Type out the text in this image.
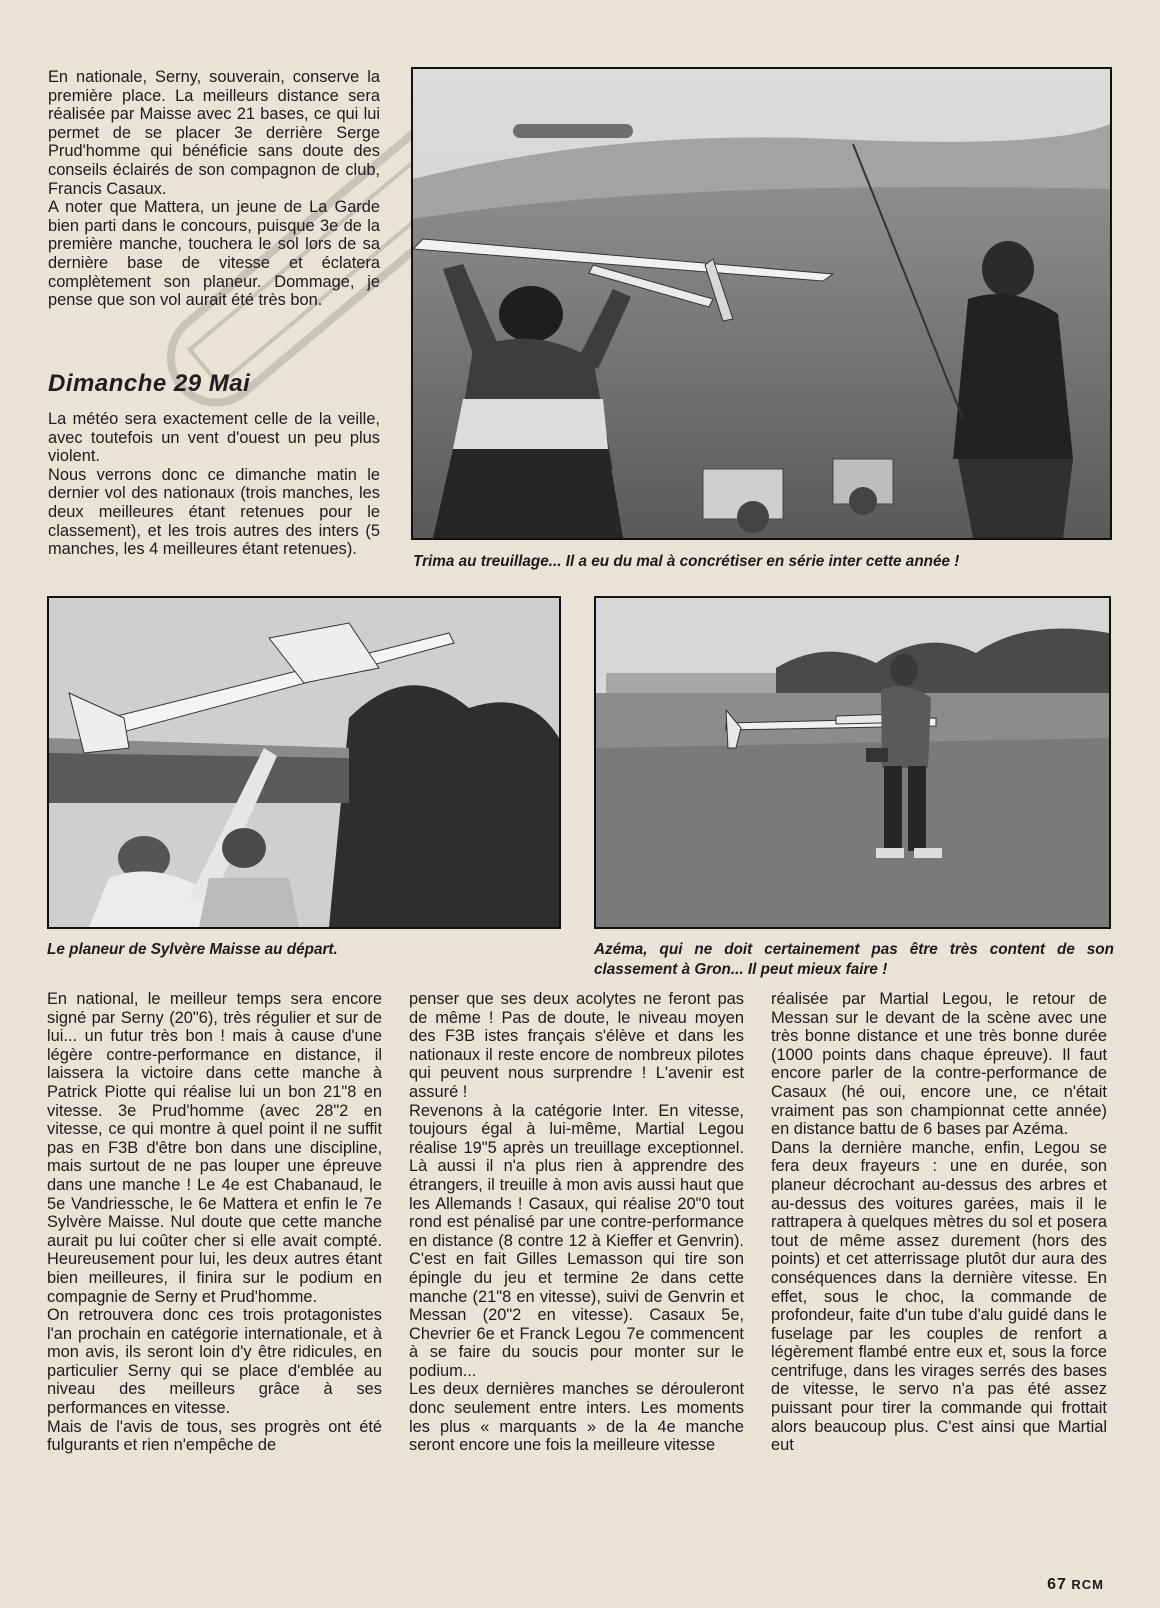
En nationale, Serny, souverain, conserve la première place. La meilleurs distance sera réalisée par Maisse avec 21 bases, ce qui lui permet de se placer 3e derrière Serge Prud'homme qui bénéficie sans doute des conseils éclairés de son compagnon de club, Francis Casaux.

A noter que Mattera, un jeune de La Garde bien parti dans le concours, puisque 3e de la première manche, touchera le sol lors de sa dernière base de vitesse et éclatera complètement son planeur. Dommage, je pense que son vol aurait été très bon.

Dimanche 29 Mai

La météo sera exactement celle de la veille, avec toutefois un vent d'ouest un peu plus violent.

Nous verrons donc ce dimanche matin le dernier vol des nationaux (trois manches, les deux meilleures étant retenues pour le classement), et les trois autres des inters (5 manches, les 4 meilleures étant retenues).

Trima au treuillage... Il a eu du mal à concrétiser en série inter cette année !

Le planeur de Sylvère Maisse au départ.	Azéma, qui ne doit certainement pas être très content de son classement à Gron... Il peut mieux faire !

En national, le meilleur temps sera encore signé par Serny (20"6), très régulier et sur de lui... un futur très bon ! mais à cause d'une légère contre-performance en distance, il laissera la victoire dans cette manche à Patrick Piotte qui réalise lui un bon 21"8 en vitesse. 3e Prud'homme (avec 28"2 en vitesse, ce qui montre à quel point il ne suffit pas en F3B d'être bon dans une discipline, mais surtout de ne pas louper une épreuve dans une manche ! Le 4e est Chabanaud, le 5e Vandriessche, le 6e Mattera et enfin le 7e Sylvère Maisse. Nul doute que cette manche aurait pu lui coûter cher si elle avait compté. Heureusement pour lui, les deux autres étant bien meilleures, il finira sur le podium en compagnie de Serny et Prud'homme.

On retrouvera donc ces trois protagonistes l'an prochain en catégorie internationale, et à mon avis, ils seront loin d'y être ridicules, en particulier Serny qui se place d'emblée au niveau des meilleurs grâce à ses performances en vitesse.

Mais de l'avis de tous, ses progrès ont été fulgurants et rien n'empêche de

penser que ses deux acolytes ne feront pas de même ! Pas de doute, le niveau moyen des F3B istes français s'élève et dans les nationaux il reste encore de nombreux pilotes qui peuvent nous surprendre ! L'avenir est assuré !

Revenons à la catégorie Inter. En vitesse, toujours égal à lui-même, Martial Legou réalise 19"5 après un treuillage exceptionnel. Là aussi il n'a plus rien à apprendre des étrangers, il treuille à mon avis aussi haut que les Allemands ! Casaux, qui réalise 20"0 tout rond est pénalisé par une contre-performance en distance (8 contre 12 à Kieffer et Genvrin). C'est en fait Gilles Lemasson qui tire son épingle du jeu et termine 2e dans cette manche (21"8 en vitesse), suivi de Genvrin et Messan (20"2 en vitesse). Casaux 5e, Chevrier 6e et Franck Legou 7e commencent à se faire du soucis pour monter sur le podium...

Les deux dernières manches se dérouleront donc seulement entre inters. Les moments les plus « marquants » de la 4e manche seront encore une fois la meilleure vitesse

réalisée par Martial Legou, le retour de Messan sur le devant de la scène avec une très bonne distance et une très bonne durée (1000 points dans chaque épreuve). Il faut encore parler de la contre-performance de Casaux (hé oui, encore une, ce n'était vraiment pas son championnat cette année) en distance battu de 6 bases par Azéma.

Dans la dernière manche, enfin, Legou se fera deux frayeurs : une en durée, son planeur décrochant au-dessus des arbres et au-dessus des voitures garées, mais il le rattrapera à quelques mètres du sol et posera tout de même assez durement (hors des points) et cet atterrissage plutôt dur aura des conséquences dans la dernière vitesse. En effet, sous le choc, la commande de profondeur, faite d'un tube d'alu guidé dans le fuselage par les couples de renfort a légèrement flambé entre eux et, sous la force centrifuge, dans les virages serrés des bases de vitesse, le servo n'a pas été assez puissant pour tirer la commande qui frottait alors beaucoup plus. C'est ainsi que Martial eut

67 RCM
